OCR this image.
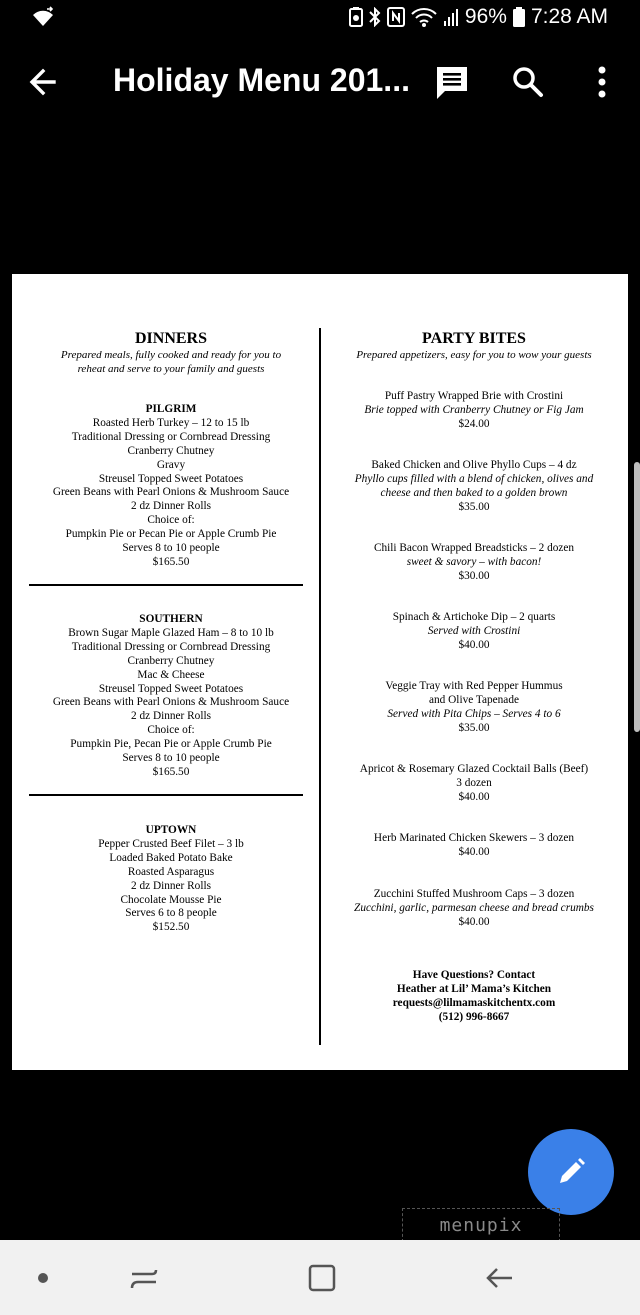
96% 7:28 AM
Holiday Menu 201...
DINNERS
Prepared meals, fully cooked and ready for you to
reheat and serve to your family and guests
PILGRIM
Roasted Herb Turkey – 12 to 15 lb
Traditional Dressing or Cornbread Dressing
Cranberry Chutney
Gravy
Streusel Topped Sweet Potatoes
Green Beans with Pearl Onions & Mushroom Sauce
2 dz Dinner Rolls
Choice of:
Pumpkin Pie or Pecan Pie or Apple Crumb Pie
Serves 8 to 10 people
$165.50
SOUTHERN
Brown Sugar Maple Glazed Ham – 8 to 10 lb
Traditional Dressing or Cornbread Dressing
Cranberry Chutney
Mac & Cheese
Streusel Topped Sweet Potatoes
Green Beans with Pearl Onions & Mushroom Sauce
2 dz Dinner Rolls
Choice of:
Pumpkin Pie, Pecan Pie or Apple Crumb Pie
Serves 8 to 10 people
$165.50
UPTOWN
Pepper Crusted Beef Filet – 3 lb
Loaded Baked Potato Bake
Roasted Asparagus
2 dz Dinner Rolls
Chocolate Mousse Pie
Serves 6 to 8 people
$152.50
PARTY BITES
Prepared appetizers, easy for you to wow your guests
Puff Pastry Wrapped Brie with Crostini
Brie topped with Cranberry Chutney or Fig Jam
$24.00
Baked Chicken and Olive Phyllo Cups – 4 dz
Phyllo cups filled with a blend of chicken, olives and
cheese and then baked to a golden brown
$35.00
Chili Bacon Wrapped Breadsticks – 2 dozen
sweet & savory – with bacon!
$30.00
Spinach & Artichoke Dip – 2 quarts
Served with Crostini
$40.00
Veggie Tray with Red Pepper Hummus
and Olive Tapenade
Served with Pita Chips – Serves 4 to 6
$35.00
Apricot & Rosemary Glazed Cocktail Balls (Beef)
3 dozen
$40.00
Herb Marinated Chicken Skewers – 3 dozen
$40.00
Zucchini Stuffed Mushroom Caps – 3 dozen
Zucchini, garlic, parmesan cheese and bread crumbs
$40.00
Have Questions? Contact
Heather at Lil’ Mama’s Kitchen
requests@lilmamaskitchentx.com
(512) 996-8667
menupix
